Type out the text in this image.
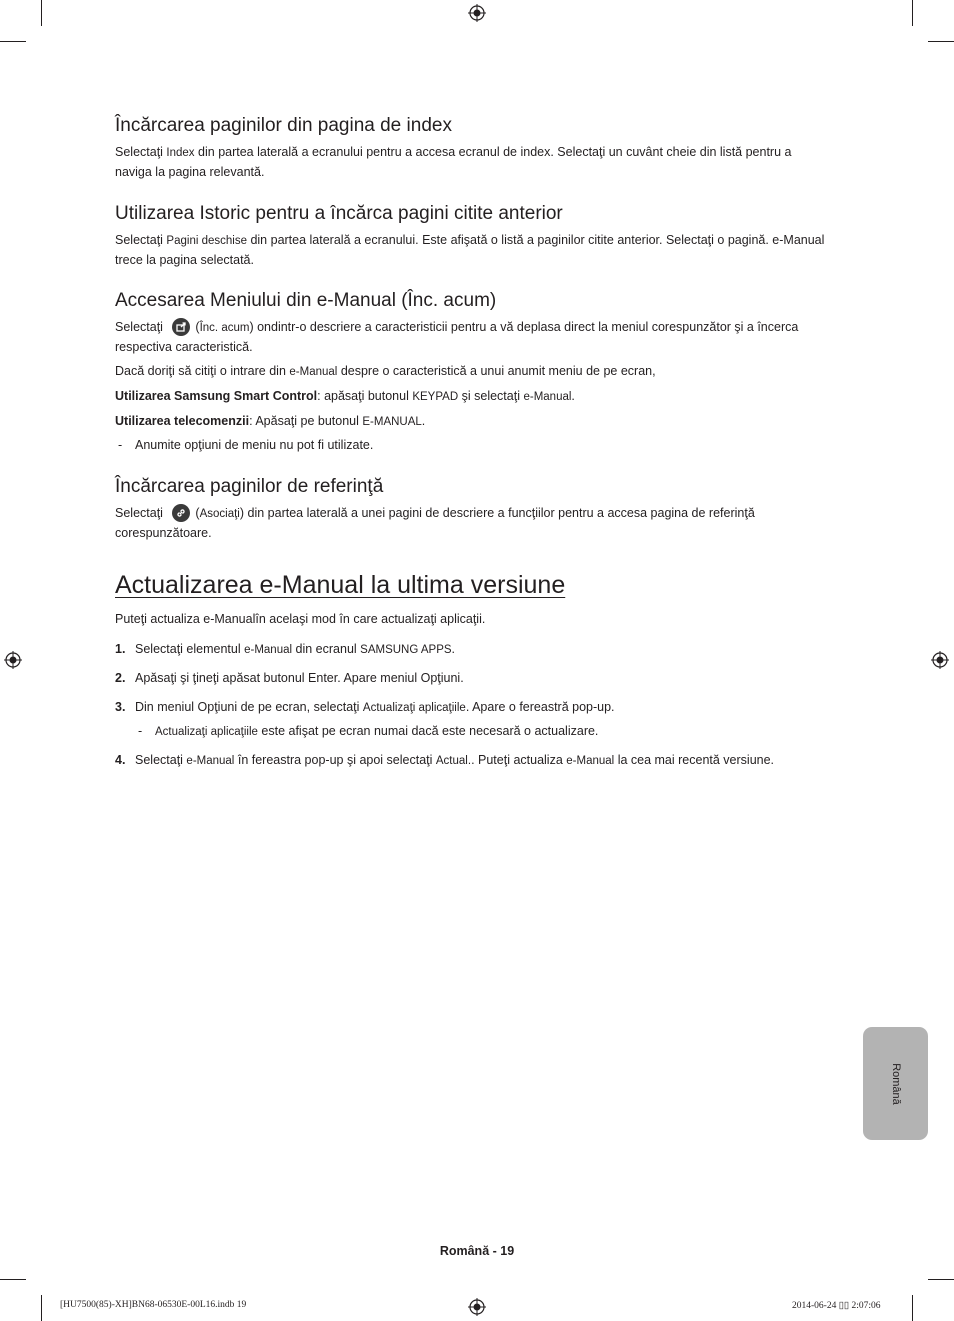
Încărcarea paginilor din pagina de index

Selectaţi Index din partea laterală a ecranului pentru a accesa ecranul de index. Selectaţi un cuvânt cheie din listă pentru a naviga la pagina relevantă.

Utilizarea Istoric pentru a încărca pagini citite anterior

Selectaţi Pagini deschise din partea laterală a ecranului. Este afişată o listă a paginilor citite anterior. Selectaţi o pagină. e-Manual trece la pagina selectată.

Accesarea Meniului din e-Manual (Înc. acum)

Selectaţi
(Înc. acum) ondintr-o descriere a caracteristicii pentru a vă deplasa direct la meniul corespunzător şi a încerca respectiva caracteristică.

Dacă doriţi să citiţi o intrare din e-Manual despre o caracteristică a unui anumit meniu de pe ecran,

Utilizarea Samsung Smart Control: apăsaţi butonul KEYPAD şi selectaţi e-Manual.

Utilizarea telecomenzii: Apăsaţi pe butonul E-MANUAL.

- Anumite opţiuni de meniu nu pot fi utilizate.

Încărcarea paginilor de referinţă

Selectaţi
(Asociaţi) din partea laterală a unei pagini de descriere a funcţiilor pentru a accesa pagina de referinţă corespunzătoare.

Actualizarea e-Manual la ultima versiune

Puteţi actualiza e-Manualîn acelaşi mod în care actualizaţi aplicaţii.

1. Selectaţi elementul e-Manual din ecranul SAMSUNG APPS.

2. Apăsaţi şi ţineţi apăsat butonul Enter. Apare meniul Opţiuni.

3. Din meniul Opţiuni de pe ecran, selectaţi Actualizaţi aplicaţiile. Apare o fereastră pop-up.

- Actualizaţi aplicaţiile este afişat pe ecran numai dacă este necesară o actualizare.

4. Selectaţi e-Manual în fereastra pop-up şi apoi selectaţi Actual.. Puteţi actualiza e-Manual la cea mai recentă versiune.

Română
Română - 19
[HU7500(85)-XH]BN68-06530E-00L16.indb 19	2014-06-24 ▯▯ 2:07:06
